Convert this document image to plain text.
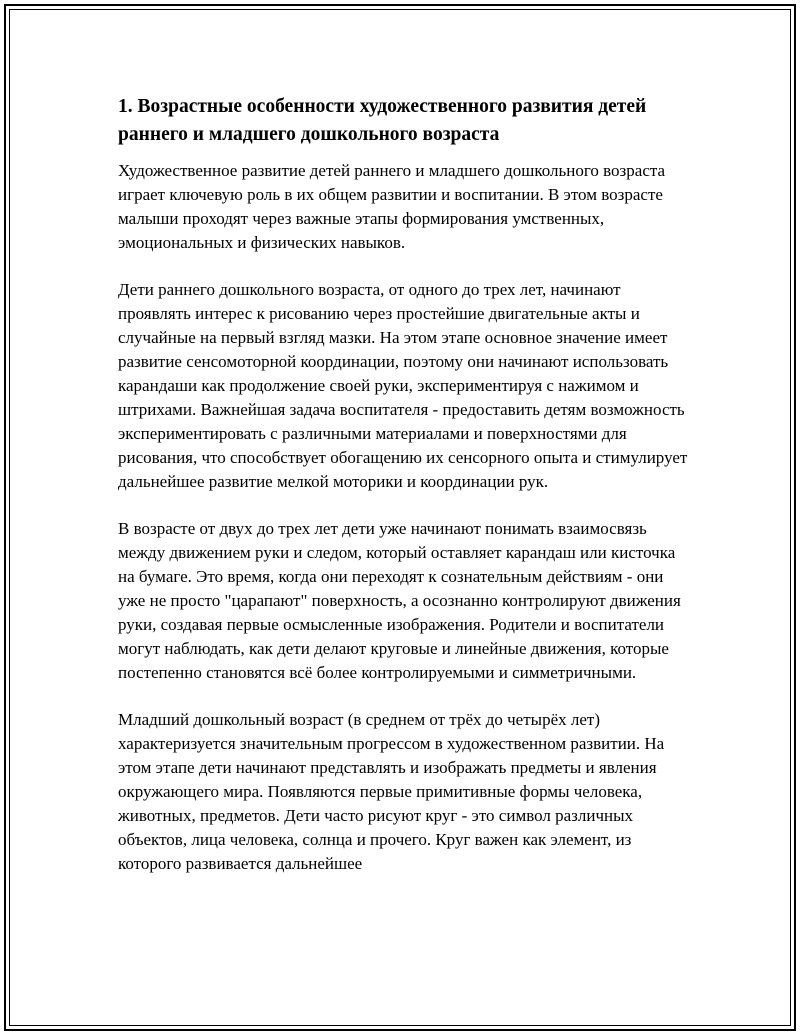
1. Возрастные особенности художественного развития детей раннего и младшего дошкольного возраста

Художественное развитие детей раннего и младшего дошкольного возраста играет ключевую роль в их общем развитии и воспитании. В этом возрасте малыши проходят через важные этапы формирования умственных, эмоциональных и физических навыков.

Дети раннего дошкольного возраста, от одного до трех лет, начинают проявлять интерес к рисованию через простейшие двигательные акты и случайные на первый взгляд мазки. На этом этапе основное значение имеет развитие сенсомоторной координации, поэтому они начинают использовать карандаши как продолжение своей руки, экспериментируя с нажимом и штрихами. Важнейшая задача воспитателя - предоставить детям возможность экспериментировать с различными материалами и поверхностями для рисования, что способствует обогащению их сенсорного опыта и стимулирует дальнейшее развитие мелкой моторики и координации рук.

В возрасте от двух до трех лет дети уже начинают понимать взаимосвязь между движением руки и следом, который оставляет карандаш или кисточка на бумаге. Это время, когда они переходят к сознательным действиям - они уже не просто "царапают" поверхность, а осознанно контролируют движения руки, создавая первые осмысленные изображения. Родители и воспитатели могут наблюдать, как дети делают круговые и линейные движения, которые постепенно становятся всё более контролируемыми и симметричными.

Младший дошкольный возраст (в среднем от трёх до четырёх лет) характеризуется значительным прогрессом в художественном развитии. На этом этапе дети начинают представлять и изображать предметы и явления окружающего мира. Появляются первые примитивные формы человека, животных, предметов. Дети часто рисуют круг - это символ различных объектов, лица человека, солнца и прочего. Круг важен как элемент, из которого развивается дальнейшее
